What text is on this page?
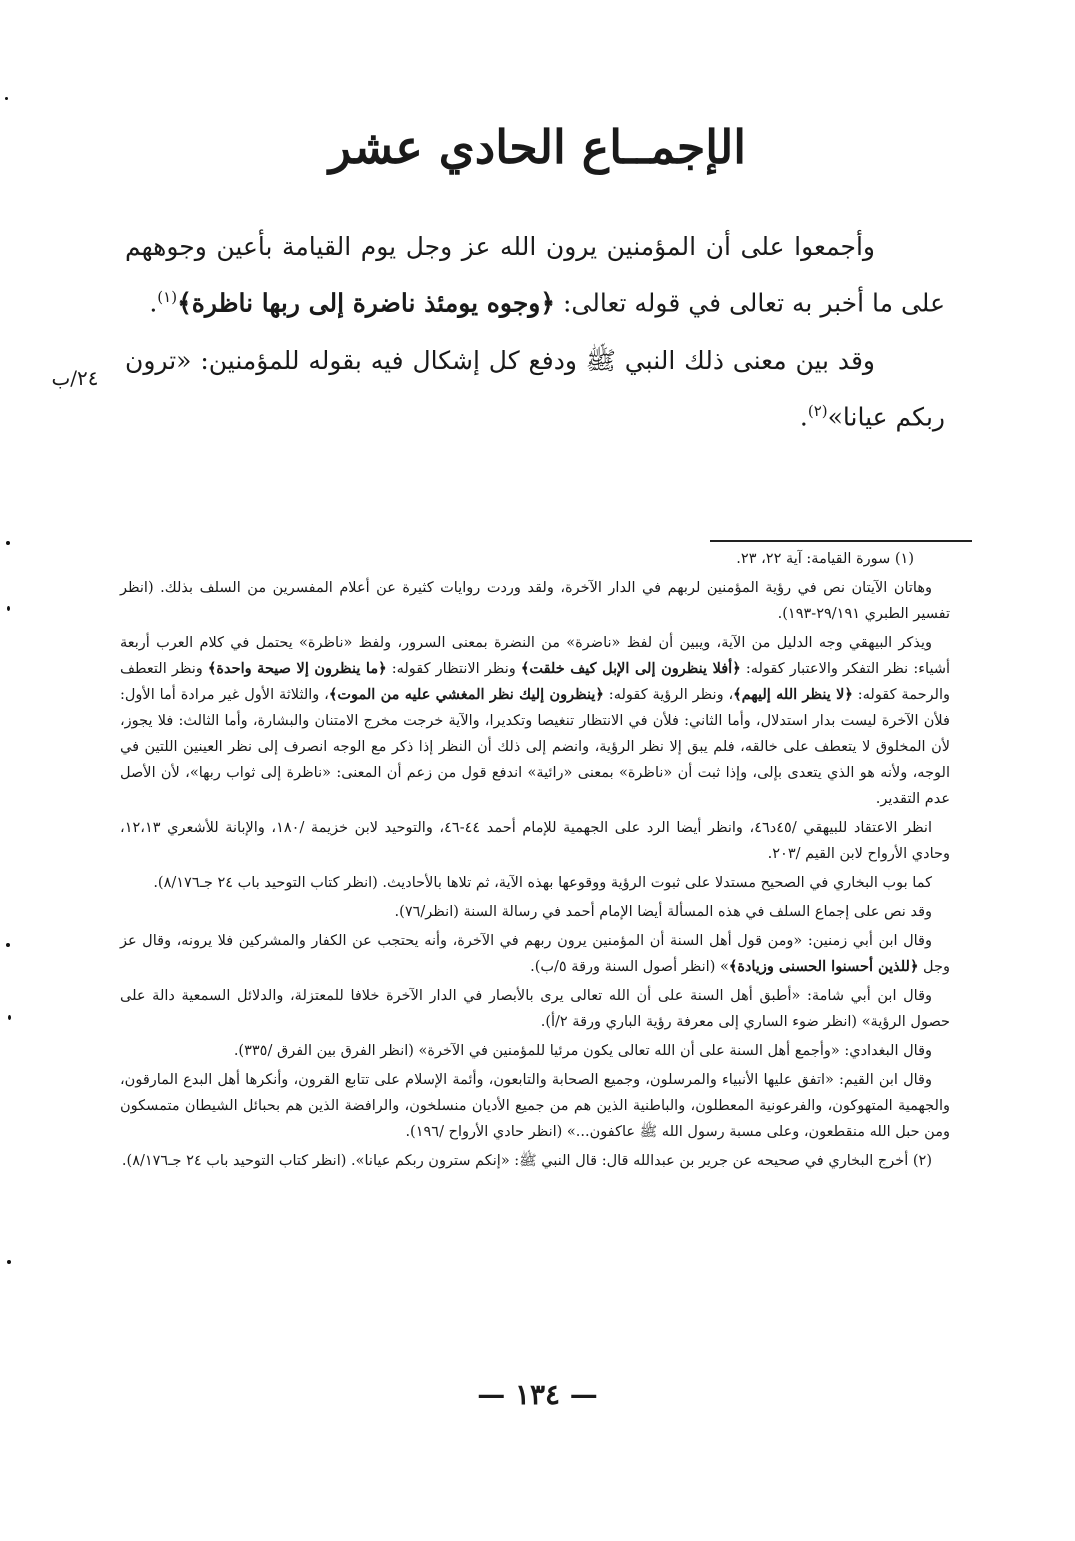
الإجمــاع الحادي عشر

وأجمعوا على أن المؤمنين يرون الله عز وجل يوم القيامة بأعين وجوههم على ما أخبر به تعالى في قوله تعالى: ﴿وجوه يومئذ ناضرة إلى ربها ناظرة﴾$^{(١)}$.

وقد بين معنى ذلك النبي ﷺ ودفع كل إشكال فيه بقوله للمؤمنين: «ترون ربكم عيانا»$^{(٢)}$.

٢٤/ب

(١) سورة القيامة: آية ٢٢، ٢٣.

وهاتان الآيتان نص في رؤية المؤمنين لربهم في الدار الآخرة، ولقد وردت روايات كثيرة عن أعلام المفسرين من السلف بذلك. (انظر تفسير الطبري ٢٩/١٩١-١٩٣).

ويذكر البيهقي وجه الدليل من الآية، ويبين أن لفظ «ناضرة» من النضرة بمعنى السرور، ولفظ «ناظرة» يحتمل في كلام العرب أربعة أشياء: نظر التفكر والاعتبار كقوله: ﴿أفلا ينظرون إلى الإبل كيف خلقت﴾ ونظر الانتظار كقوله: ﴿ما ينظرون إلا صيحة واحدة﴾ ونظر التعطف والرحمة كقوله: ﴿لا ينظر الله إليهم﴾، ونظر الرؤية كقوله: ﴿ينظرون إليك نظر المغشي عليه من الموت﴾، والثلاثة الأول غير مرادة أما الأول: فلأن الآخرة ليست بدار استدلال، وأما الثاني: فلأن في الانتظار تنغيصا وتكديرا، والآية خرجت مخرج الامتنان والبشارة، وأما الثالث: فلا يجوز، لأن المخلوق لا يتعطف على خالقه، فلم يبق إلا نظر الرؤية، وانضم إلى ذلك أن النظر إذا ذكر مع الوجه انصرف إلى نظر العينين اللتين في الوجه، ولأنه هو الذي يتعدى بإلى، وإذا ثبت أن «ناظرة» بمعنى «رائية» اندفع قول من زعم أن المعنى: «ناظرة إلى ثواب ربها»، لأن الأصل عدم التقدير.

انظر الاعتقاد للبيهقي /٤٥د٤٦، وانظر أيضا الرد على الجهمية للإمام أحمد ٤٤-٤٦، والتوحيد لابن خزيمة /١٨٠، والإبانة للأشعري ١٢،١٣، وحادي الأرواح لابن القيم /٢٠٣.

كما بوب البخاري في الصحيح مستدلا على ثبوت الرؤية ووقوعها بهذه الآية، ثم تلاها بالأحاديث. (انظر كتاب التوحيد باب ٢٤ جـ٨/١٧٦).

وقد نص على إجماع السلف في هذه المسألة أيضا الإمام أحمد في رسالة السنة (انظر/٧٦).

وقال ابن أبي زمنين: «ومن قول أهل السنة أن المؤمنين يرون ربهم في الآخرة، وأنه يحتجب عن الكفار والمشركين فلا يرونه، وقال عز وجل ﴿للذين أحسنوا الحسنى وزيادة﴾» (انظر أصول السنة ورقة ٥/ب).

وقال ابن أبي شامة: «أطبق أهل السنة على أن الله تعالى يرى بالأبصار في الدار الآخرة خلافا للمعتزلة، والدلائل السمعية دالة على حصول الرؤية» (انظر ضوء الساري إلى معرفة رؤية الباري ورقة ٢/أ).

وقال البغدادي: «وأجمع أهل السنة على أن الله تعالى يكون مرئيا للمؤمنين في الآخرة» (انظر الفرق بين الفرق /٣٣٥).

وقال ابن القيم: «اتفق عليها الأنبياء والمرسلون، وجميع الصحابة والتابعون، وأئمة الإسلام على تتابع القرون، وأنكرها أهل البدع المارقون، والجهمية المتهوكون، والفرعونية المعطلون، والباطنية الذين هم من جميع الأديان منسلخون، والرافضة الذين هم بحبائل الشيطان متمسكون ومن حبل الله منقطعون، وعلى مسبة رسول الله ﷺ عاكفون...» (انظر حادي الأرواح /١٩٦).

(٢) أخرج البخاري في صحيحه عن جرير بن عبدالله قال: قال النبي ﷺ: «إنكم سترون ربكم عيانا». (انظر كتاب التوحيد باب ٢٤ جـ٨/١٧٦).

— ١٣٤ —
